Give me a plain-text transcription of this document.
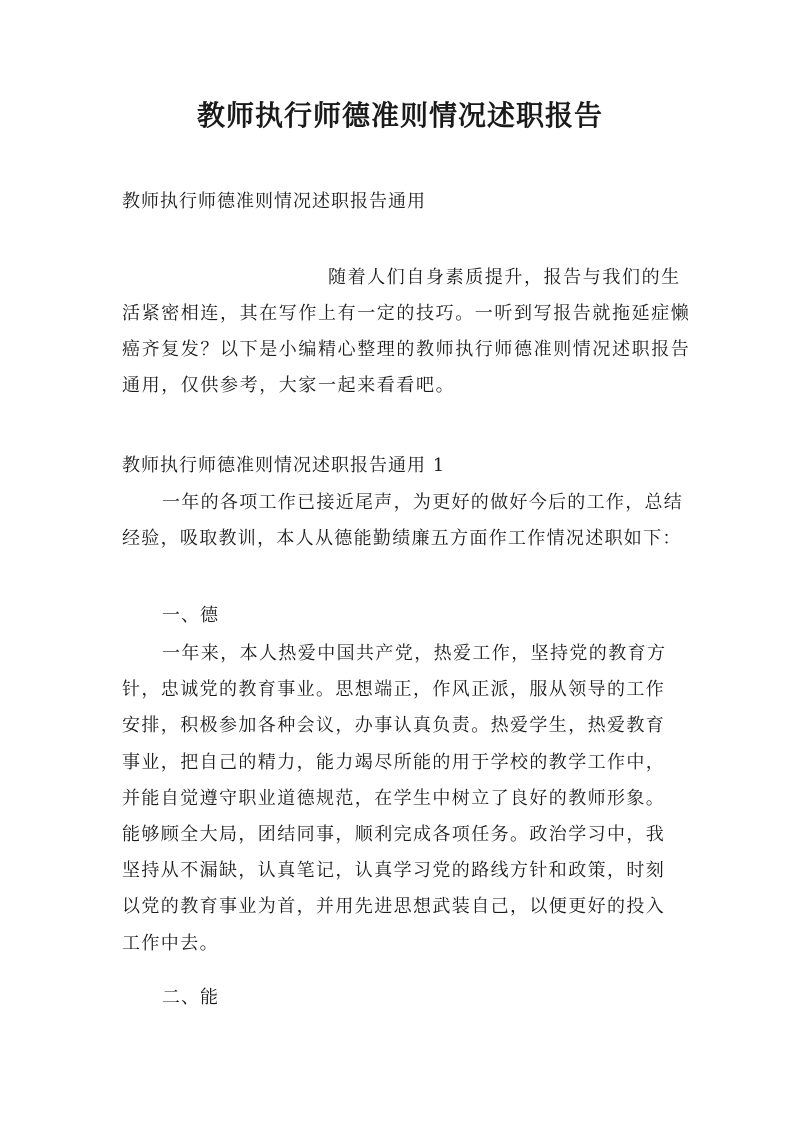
教师执行师德准则情况述职报告

教师执行师德准则情况述职报告通用

随着人们自身素质提升，报告与我们的生活紧密相连，其在写作上有一定的技巧。一听到写报告就拖延症懒癌齐复发？以下是小编精心整理的教师执行师德准则情况述职报告通用，仅供参考，大家一起来看看吧。

教师执行师德准则情况述职报告通用 1

一年的各项工作已接近尾声，为更好的做好今后的工作，总结经验，吸取教训，本人从德能勤绩廉五方面作工作情况述职如下：

一、德

一年来，本人热爱中国共产党，热爱工作，坚持党的教育方针，忠诚党的教育事业。思想端正，作风正派，服从领导的工作安排，积极参加各种会议，办事认真负责。热爱学生，热爱教育事业，把自己的精力，能力竭尽所能的用于学校的教学工作中，并能自觉遵守职业道德规范，在学生中树立了良好的教师形象。能够顾全大局，团结同事，顺利完成各项任务。政治学习中，我坚持从不漏缺，认真笔记，认真学习党的路线方针和政策，时刻以党的教育事业为首，并用先进思想武装自己，以便更好的投入工作中去。

二、能
